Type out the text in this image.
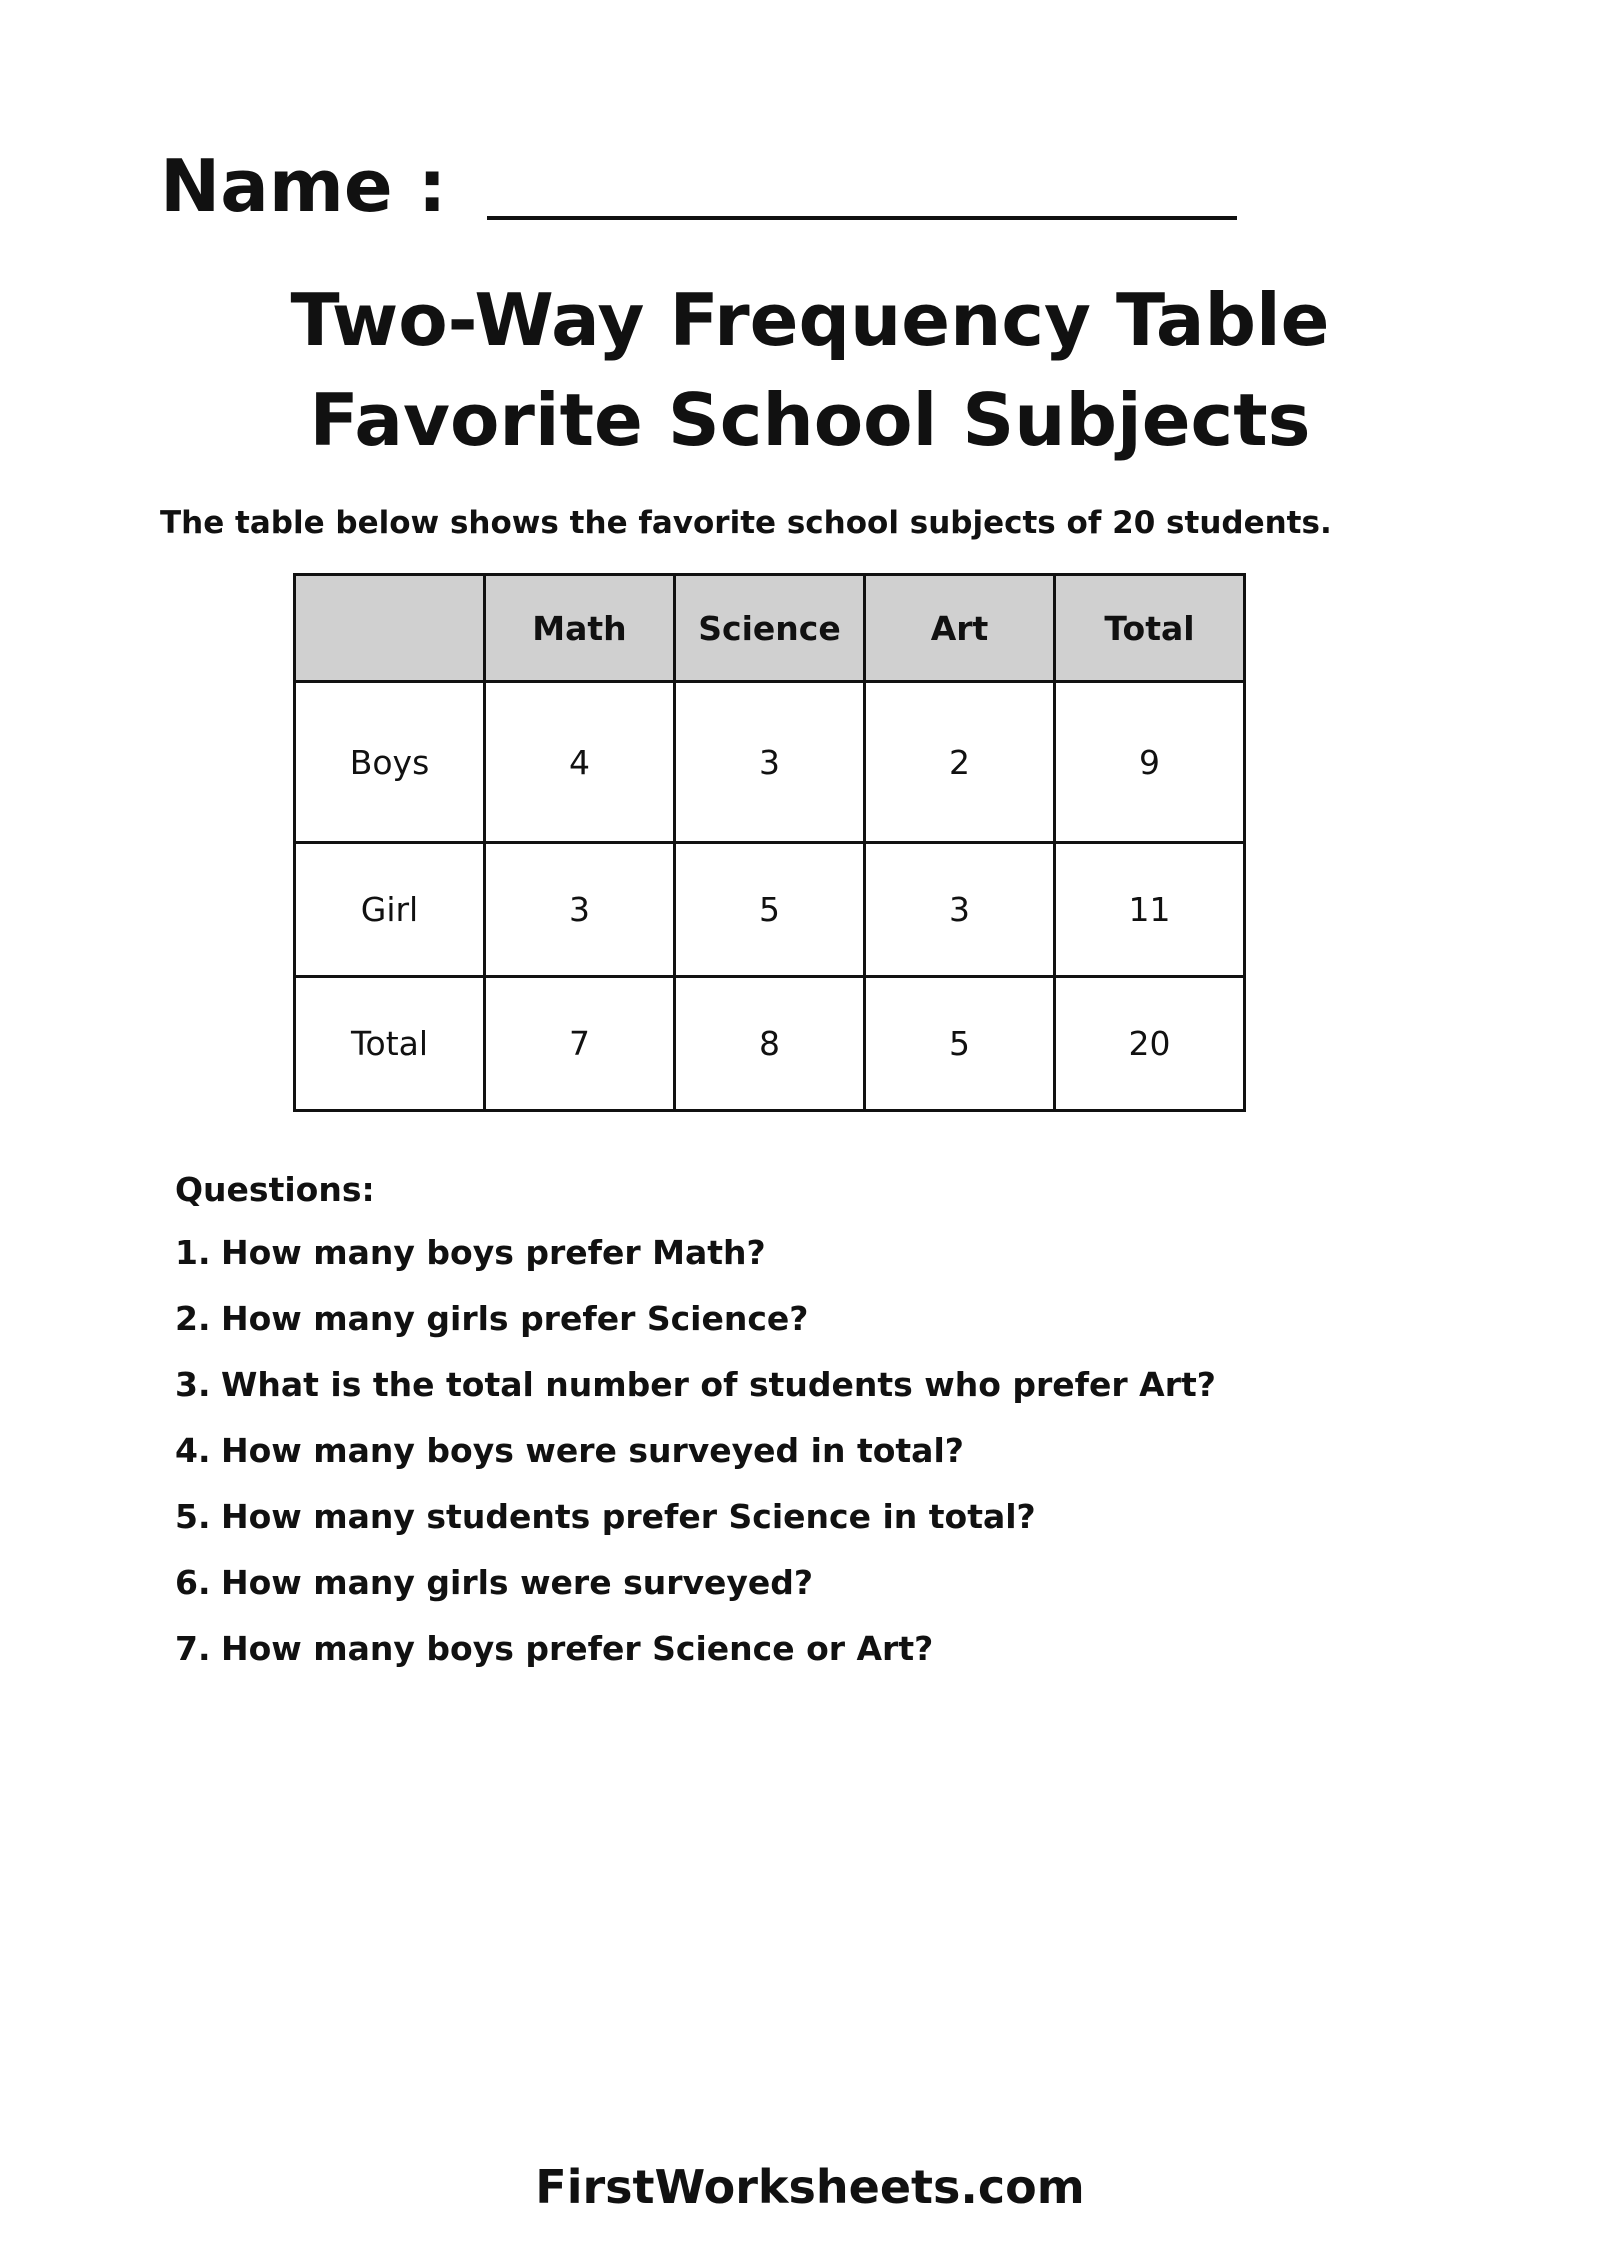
Name :
Two-Way Frequency Table
Favorite School Subjects
The table below shows the favorite school subjects of 20 students.
	Math	Science	Art	Total
Boys	4	3	2	9
Girl	3	5	3	11
Total	7	8	5	20
Questions:
1. How many boys prefer Math?
2. How many girls prefer Science?
3. What is the total number of students who prefer Art?
4. How many boys were surveyed in total?
5. How many students prefer Science in total?
6. How many girls were surveyed?
7. How many boys prefer Science or Art?
FirstWorksheets.com
